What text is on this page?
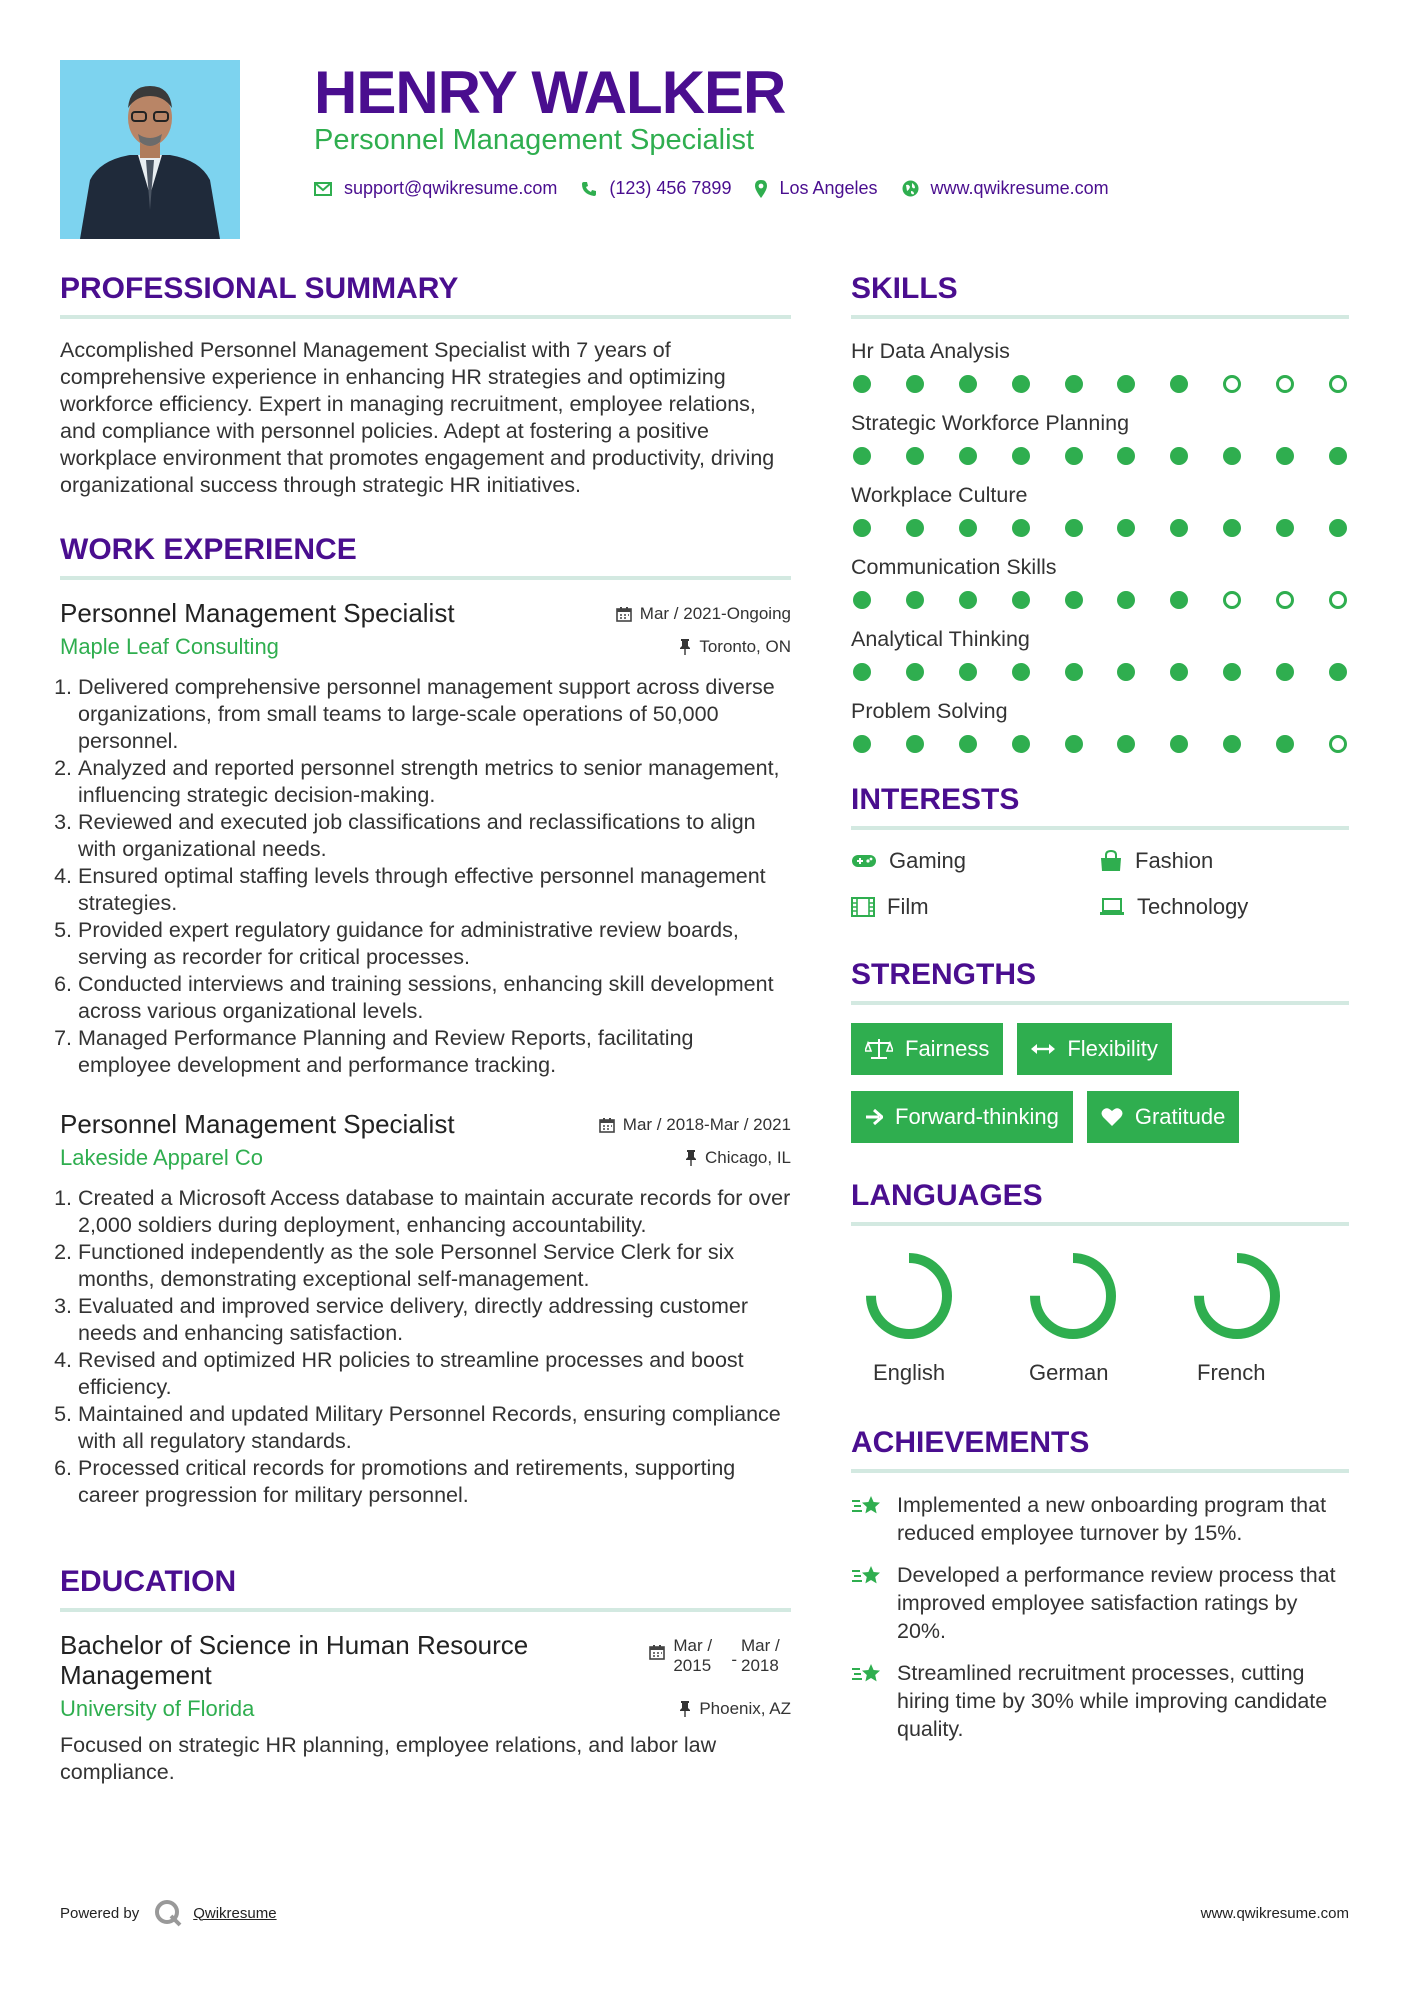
HENRY WALKER
Personnel Management Specialist
support@qwikresume.com	(123) 456 7899	Los Angeles	www.qwikresume.com
PROFESSIONAL SUMMARY

Accomplished Personnel Management Specialist with 7 years of comprehensive experience in enhancing HR strategies and optimizing workforce efficiency. Expert in managing recruitment, employee relations, and compliance with personnel policies. Adept at fostering a positive workplace environment that promotes engagement and productivity, driving organizational success through strategic HR initiatives.

WORK EXPERIENCE
Personnel Management Specialist	Mar / 2021-Ongoing
Maple Leaf Consulting	Toronto, ON
1. Delivered comprehensive personnel management support across diverse organizations, from small teams to large-scale operations of 50,000 personnel.
2. Analyzed and reported personnel strength metrics to senior management, influencing strategic decision-making.
3. Reviewed and executed job classifications and reclassifications to align with organizational needs.
4. Ensured optimal staffing levels through effective personnel management strategies.
5. Provided expert regulatory guidance for administrative review boards, serving as recorder for critical processes.
6. Conducted interviews and training sessions, enhancing skill development across various organizational levels.
7. Managed Performance Planning and Review Reports, facilitating employee development and performance tracking.
Personnel Management Specialist	Mar / 2018-Mar / 2021
Lakeside Apparel Co	Chicago, IL
1. Created a Microsoft Access database to maintain accurate records for over 2,000 soldiers during deployment, enhancing accountability.
2. Functioned independently as the sole Personnel Service Clerk for six months, demonstrating exceptional self-management.
3. Evaluated and improved service delivery, directly addressing customer needs and enhancing satisfaction.
4. Revised and optimized HR policies to streamline processes and boost efficiency.
5. Maintained and updated Military Personnel Records, ensuring compliance with all regulatory standards.
6. Processed critical records for promotions and retirements, supporting career progression for military personnel.
EDUCATION
Bachelor of Science in Human Resource Management
Mar / 2015	-
Mar / 2018
University of Florida	Phoenix, AZ

Focused on strategic HR planning, employee relations, and labor law compliance.

SKILLS
Hr Data Analysis
Strategic Workforce Planning
Workplace Culture
Communication Skills
Analytical Thinking
Problem Solving
INTERESTS
Gaming	Fashion
Film	Technology
STRENGTHS
Fairness	Flexibility
Forward-thinking	Gratitude
LANGUAGES
English	German	French
ACHIEVEMENTS
Implemented a new onboarding program that reduced employee turnover by 15%.
Developed a performance review process that improved employee satisfaction ratings by 20%.
Streamlined recruitment processes, cutting hiring time by 30% while improving candidate quality.
Powered by	Qwikresume	www.qwikresume.com
